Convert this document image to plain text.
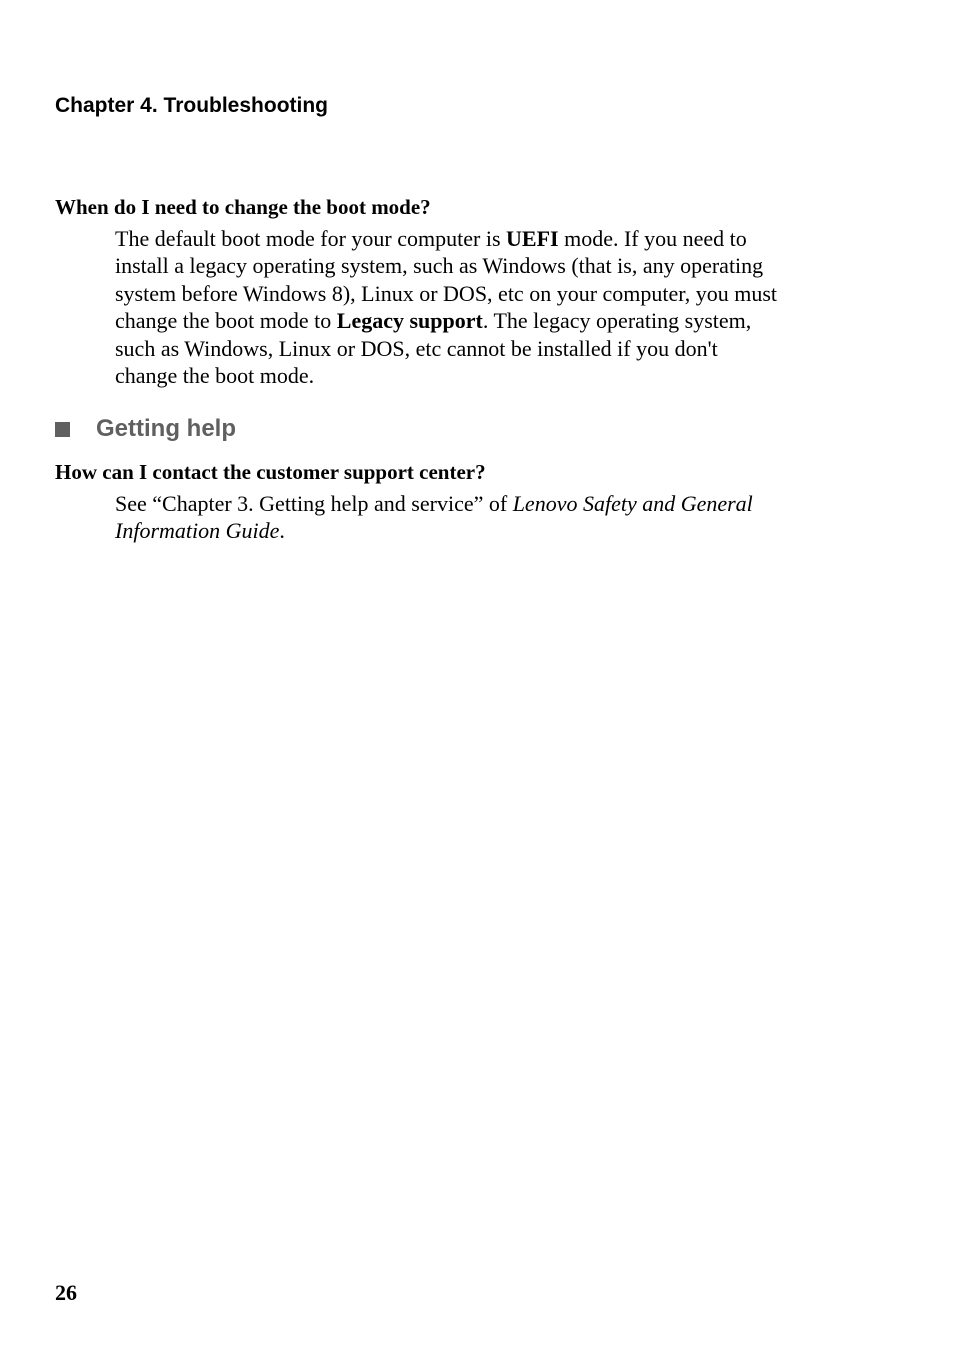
Chapter 4. Troubleshooting
When do I need to change the boot mode?
The default boot mode for your computer is UEFI mode. If you need to
install a legacy operating system, such as Windows (that is, any operating
system before Windows 8), Linux or DOS, etc on your computer, you must
change the boot mode to Legacy support. The legacy operating system,
such as Windows, Linux or DOS, etc cannot be installed if you don't
change the boot mode.
Getting help
How can I contact the customer support center?
See “Chapter 3. Getting help and service” of Lenovo Safety and General
Information Guide.
26
